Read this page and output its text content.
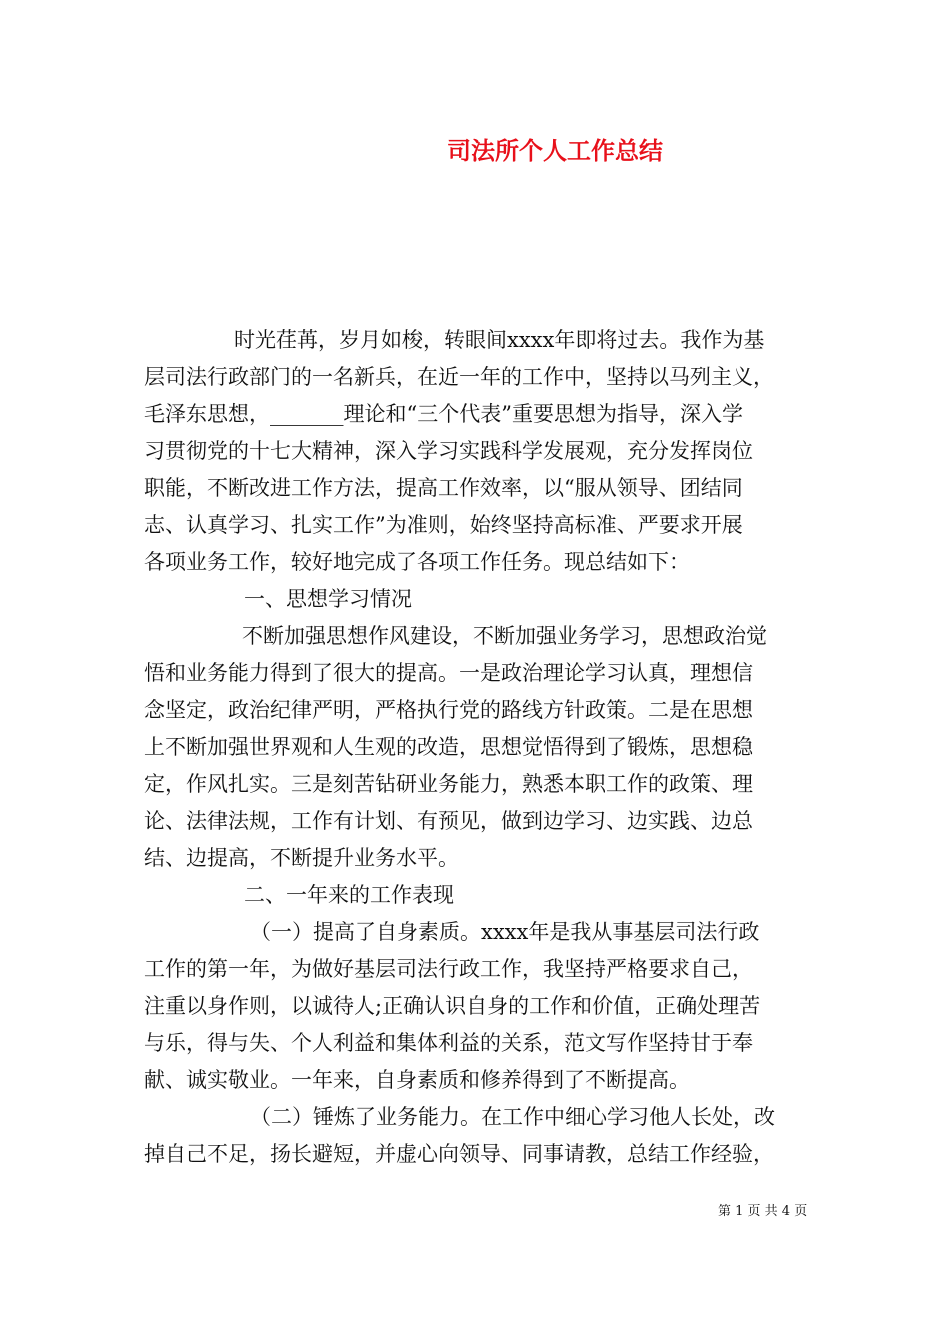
司法所个人工作总结

时光荏苒，岁月如梭，转眼间xxxx年即将过去。我作为基

层司法行政部门的一名新兵，在近一年的工作中，坚持以马列主义，

毛泽东思想，_______理论和“三个代表”重要思想为指导，深入学

习贯彻党的十七大精神，深入学习实践科学发展观，充分发挥岗位

职能，不断改进工作方法，提高工作效率，以“服从领导、团结同

志、认真学习、扎实工作”为准则，始终坚持高标准、严要求开展

各项业务工作，较好地完成了各项工作任务。现总结如下：

一、思想学习情况

不断加强思想作风建设，不断加强业务学习，思想政治觉

悟和业务能力得到了很大的提高。一是政治理论学习认真，理想信

念坚定，政治纪律严明，严格执行党的路线方针政策。二是在思想

上不断加强世界观和人生观的改造，思想觉悟得到了锻炼，思想稳

定，作风扎实。三是刻苦钻研业务能力，熟悉本职工作的政策、理

论、法律法规，工作有计划、有预见，做到边学习、边实践、边总

结、边提高，不断提升业务水平。

二、一年来的工作表现

（一）提高了自身素质。xxxx年是我从事基层司法行政

工作的第一年，为做好基层司法行政工作，我坚持严格要求自己，

注重以身作则，以诚待人;正确认识自身的工作和价值，正确处理苦

与乐，得与失、个人利益和集体利益的关系，范文写作坚持甘于奉

献、诚实敬业。一年来，自身素质和修养得到了不断提高。

（二）锤炼了业务能力。在工作中细心学习他人长处，改

掉自己不足，扬长避短，并虚心向领导、同事请教，总结工作经验，

第 1 页 共 4 页
